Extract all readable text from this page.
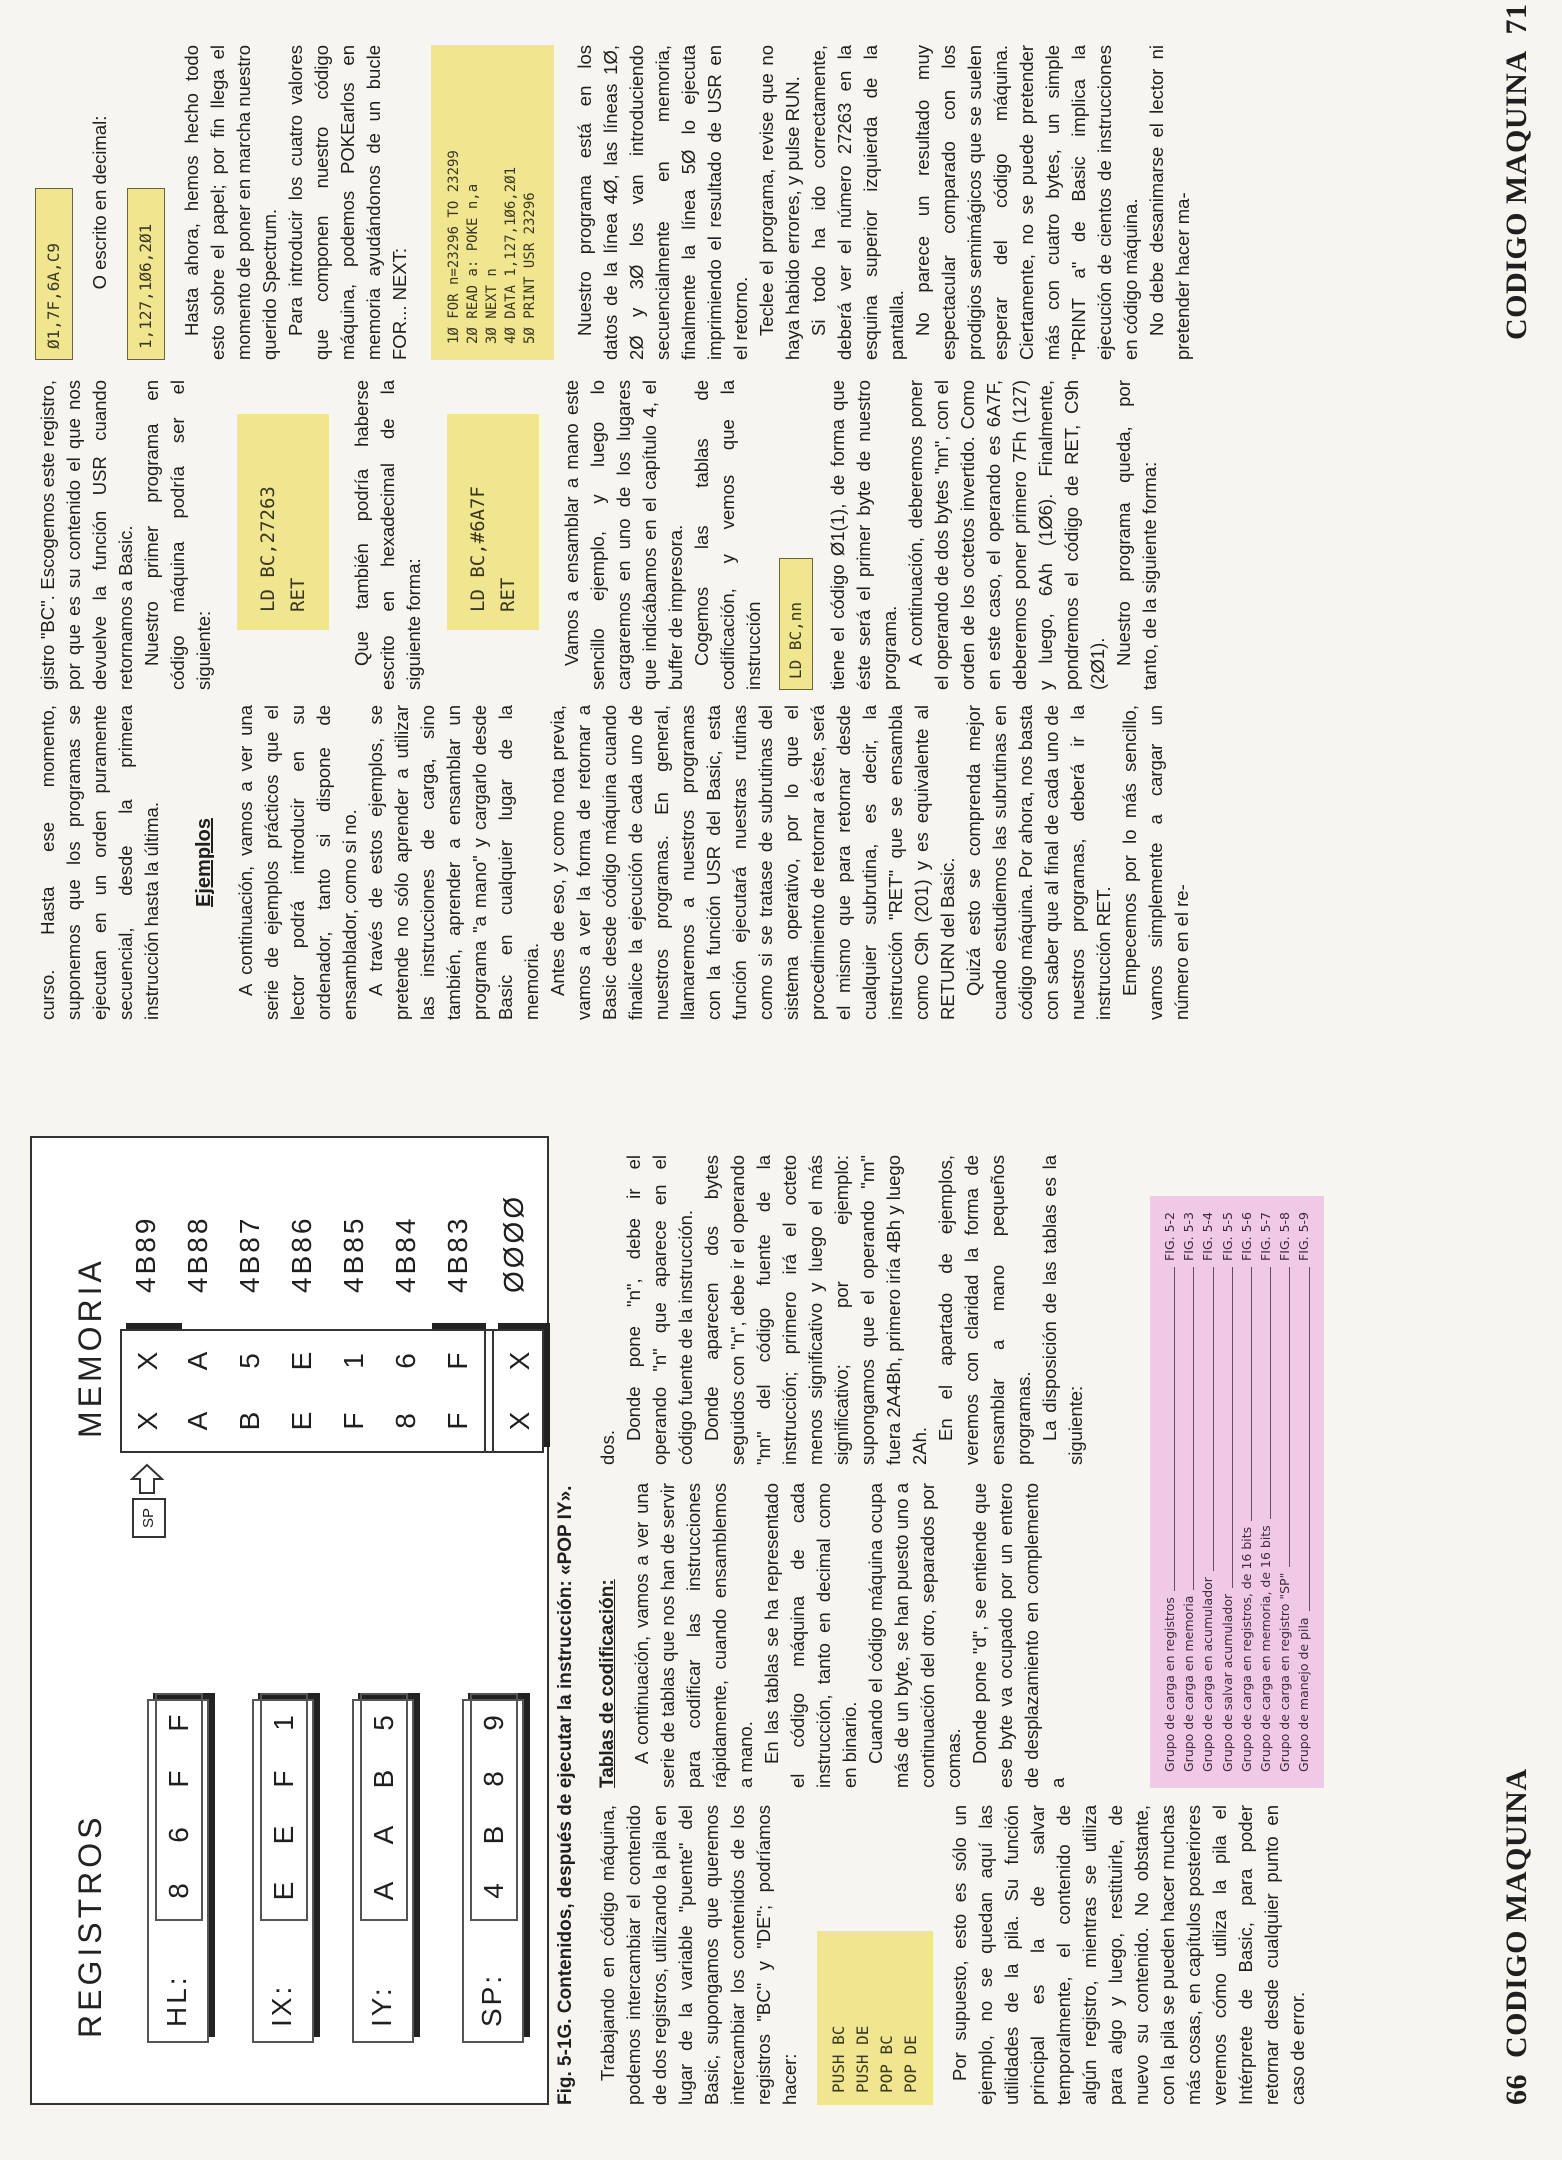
REGISTROS
MEMORIA
HL:
8
6
F
F
IX:
E
E
F
1
IY:
A
A
B
5
SP:
4
B
8
9
SP
X
X
4B89
A
A
4B88
B
5
4B87
E
E
4B86
F
1
4B85
8
6
4B84
F
F
4B83
X
X
ØØØØ
Fig. 5-1G. Contenidos, después de ejecutar la instrucción: «POP IY». Trabajando en código máquina, podemos intercambiar el contenido de dos registros, utilizando la pila en lugar de la variable "puente" del Basic, supongamos que queremos intercambiar los contenidos de los registros "BC" y "DE"; podríamos hacer: PUSH BC PUSH DE POP BC POP DE Por supuesto, esto es sólo un ejemplo, no se quedan aquí las utilidades de la pila. Su función principal es la de salvar temporalmente, el contenido de algún registro, mientras se utiliza para algo y luego, restituirle, de nuevo su contenido. No obstante, con la pila se pueden hacer muchas más cosas, en capítulos posteriores veremos cómo utiliza la pila el Intérprete de Basic, para poder retornar desde cualquier punto en caso de error.

Tablas de codificación: A continuación, vamos a ver una serie de tablas que nos han de servir para codificar las instrucciones rápidamente, cuando ensamblemos a mano. En las tablas se ha representado el código máquina de cada instrucción, tanto en decimal como en binario. Cuando el código máquina ocupa más de un byte, se han puesto uno a continuación del otro, separados por comas. Donde pone "d", se entiende que ese byte va ocupado por un entero de desplazamiento en complemento a

dos.

Donde pone "n", debe ir el operando "n" que aparece en el código fuente de la instrucción. Donde aparecen dos bytes seguidos con "n", debe ir el operando "nn" del código fuente de la instrucción; primero irá el octeto menos significativo y luego el más significativo; por ejemplo: supongamos que el operando "nn" fuera 2A4Bh, primero iría 4Bh y luego 2Ah.

En el apartado de ejemplos, veremos con claridad la forma de ensamblar a mano pequeños programas. La disposición de las tablas es la siguiente:

Grupo de carga en registros
FIG. 5-2
Grupo de carga en memoria
FIG. 5-3
Grupo de carga en acumulador
FIG. 5-4
Grupo de salvar acumulador
FIG. 5-5
Grupo de carga en registros, de 16 bits
FIG. 5-6
Grupo de carga en memoria, de 16 bits
FIG. 5-7
Grupo de carga en registro "SP"
FIG. 5-8
Grupo de manejo de pila
FIG. 5-9
66  CODIGO MAQUINA

curso. Hasta ese momento, suponemos que los programas se ejecutan en un orden puramente secuencial, desde la primera instrucción hasta la última. Ejemplos A continuación, vamos a ver una serie de ejemplos prácticos que el lector podrá introducir en su ordenador, tanto si dispone de ensamblador, como si no. A través de estos ejemplos, se pretende no sólo aprender a utilizar las instrucciones de carga, sino también, aprender a ensamblar un programa "a mano" y cargarlo desde Basic en cualquier lugar de la memoria. Antes de eso, y como nota previa, vamos a ver la forma de retornar a Basic desde código máquina cuando finalice la ejecución de cada uno de nuestros programas. En general, llamaremos a nuestros programas con la función USR del Basic, esta función ejecutará nuestras rutinas como si se tratase de subrutinas del sistema operativo, por lo que el procedimiento de retornar a éste, será el mismo que para retornar desde cualquier subrutina, es decir, la instrucción "RET" que se ensambla como C9h (201) y es equivalente al RETURN del Basic. Quizá esto se comprenda mejor cuando estudiemos las subrutinas en código máquina. Por ahora, nos basta con saber que al final de cada uno de nuestros programas, deberá ir la instrucción RET. Empecemos por lo más sencillo, vamos simplemente a cargar un número en el re-

gistro "BC". Escogemos este registro, por que es su contenido el que nos devuelve la función USR cuando retornamos a Basic. Nuestro primer programa en código máquina podría ser el siguiente:

LD BC,27263 RET Que también podría haberse escrito en hexadecimal de la siguiente forma:

LD BC,#6A7F RET Vamos a ensamblar a mano este sencillo ejemplo, y luego lo cargaremos en uno de los lugares que indicábamos en el capítulo 4, el buffer de impresora. Cogemos las tablas de codificación, y vemos que la instrucción LD BC,nn tiene el código Ø1(1), de forma que éste será el primer byte de nuestro programa. A continuación, deberemos poner el operando de dos bytes "nn", con el orden de los octetos invertido. Como en este caso, el operando es 6A7F, deberemos poner primero 7Fh (127) y luego, 6Ah (1Ø6). Finalmente, pondremos el código de RET, C9h (2Ø1). Nuestro programa queda, por tanto, de la siguiente forma:

Ø1,7F,6A,C9

O escrito en decimal: 1,127,1Ø6,2Ø1 Hasta ahora, hemos hecho todo esto sobre el papel; por fin llega el momento de poner en marcha nuestro querido Spectrum. Para introducir los cuatro valores que componen nuestro código máquina, podemos POKEarlos en memoria ayudándonos de un bucle FOR... NEXT:	1Ø FOR n=23296 TO 23299 2Ø READ a: POKE n,a 3Ø NEXT n 4Ø DATA 1,127,1Ø6,2Ø1 5Ø PRINT USR 23296 Nuestro programa está en los datos de la línea 4Ø, las líneas 1Ø, 2Ø y 3Ø los van introduciendo secuencialmente en memoria, finalmente la línea 5Ø lo ejecuta imprimiendo el resultado de USR en el retorno. Teclee el programa, revise que no haya habido errores, y pulse RUN. Si todo ha ido correctamente, deberá ver el número 27263 en la esquina superior izquierda de la pantalla. No parece un resultado muy espectacular comparado con los prodigios semimágicos que se suelen esperar del código máquina. Ciertamente, no se puede pretender más con cuatro bytes, un simple "PRINT a" de Basic implica la ejecución de cientos de instrucciones en código máquina. No debe desanimarse el lector ni pretender hacer ma-	CODIGO MAQUINA  71
